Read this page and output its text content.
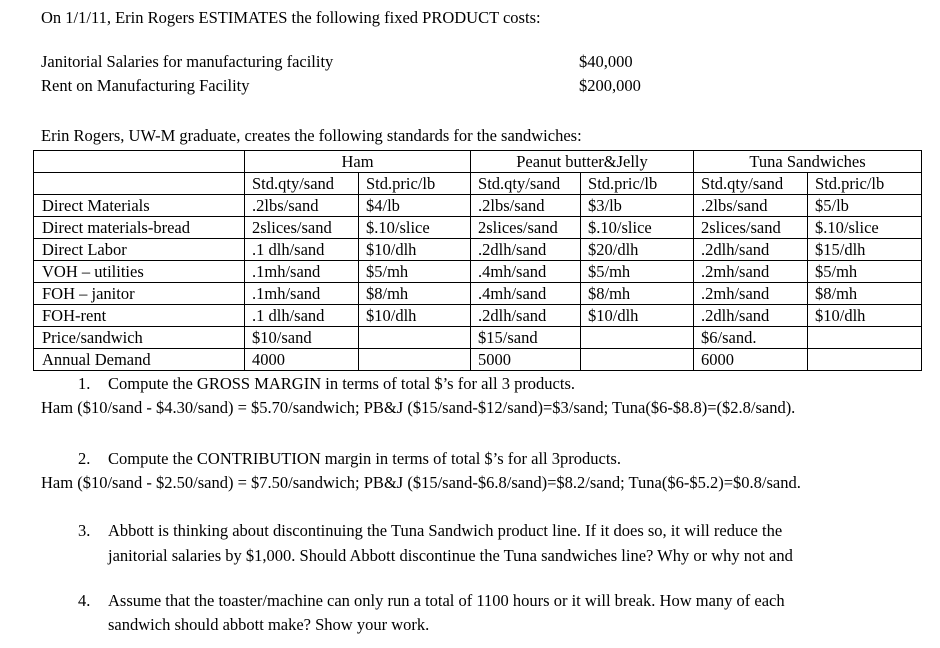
On 1/1/11, Erin Rogers ESTIMATES the following fixed PRODUCT costs:
Janitorial Salaries for manufacturing facility	$40,000
Rent on Manufacturing Facility	$200,000
Erin Rogers, UW-M graduate, creates the following standards for the sandwiches:
	Ham		Peanut butter&Jelly		Tuna Sandwiches	
	Std.qty/sand	Std.pric/lb	Std.qty/sand	Std.pric/lb	Std.qty/sand	Std.pric/lb
Direct Materials	.2lbs/sand	$4/lb	.2lbs/sand	$3/lb	.2lbs/sand	$5/lb
Direct materials-bread	2slices/sand	$.10/slice	2slices/sand	$.10/slice	2slices/sand	$.10/slice
Direct Labor	.1 dlh/sand	$10/dlh	.2dlh/sand	$20/dlh	.2dlh/sand	$15/dlh
VOH – utilities	.1mh/sand	$5/mh	.4mh/sand	$5/mh	.2mh/sand	$5/mh
FOH – janitor	.1mh/sand	$8/mh	.4mh/sand	$8/mh	.2mh/sand	$8/mh
FOH-rent	.1 dlh/sand	$10/dlh	.2dlh/sand	$10/dlh	.2dlh/sand	$10/dlh
Price/sandwich	$10/sand		$15/sand		$6/sand.	
Annual Demand	4000		5000		6000	
1. Compute the GROSS MARGIN in terms of total $’s for all 3 products.
Ham ($10/sand - $4.30/sand) = $5.70/sandwich; PB&J ($15/sand-$12/sand)=$3/sand; Tuna($6-$8.8)=($2.8/sand).
2. Compute the CONTRIBUTION margin in terms of total $’s for all 3products.
Ham ($10/sand - $2.50/sand) = $7.50/sandwich; PB&J ($15/sand-$6.8/sand)=$8.2/sand; Tuna($6-$5.2)=$0.8/sand.
3. Abbott is thinking about discontinuing the Tuna Sandwich product line. If it does so, it will reduce the
janitorial salaries by $1,000. Should Abbott discontinue the Tuna sandwiches line? Why or why not and
4. Assume that the toaster/machine can only run a total of 1100 hours or it will break. How many of each
sandwich should abbott make? Show your work.
